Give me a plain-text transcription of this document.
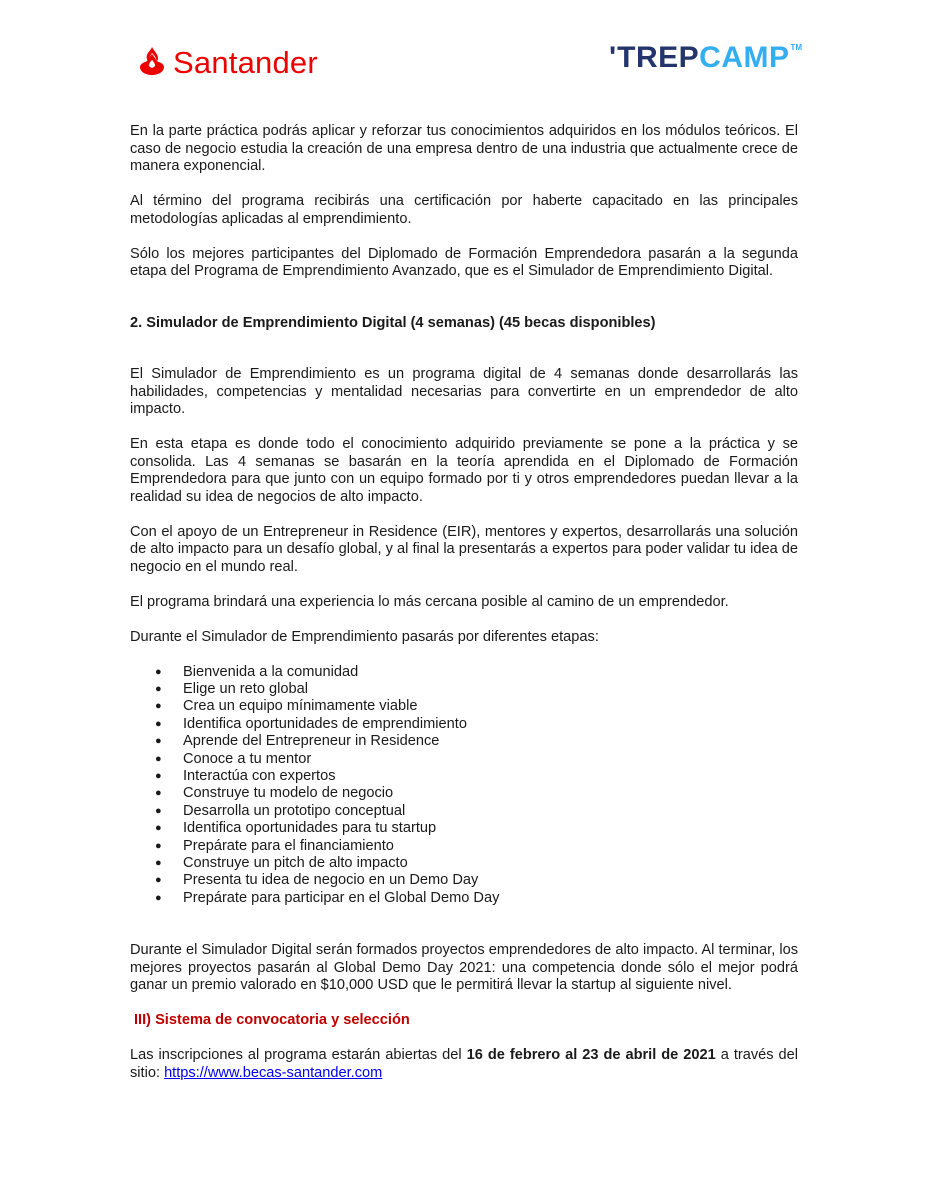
Santander	' TREP CAMP TM

En la parte práctica podrás aplicar y reforzar tus conocimientos adquiridos en los módulos teóricos. El caso de negocio estudia la creación de una empresa dentro de una industria que actualmente crece de manera exponencial.

Al término del programa recibirás una certificación por haberte capacitado en las principales metodologías aplicadas al emprendimiento.

Sólo los mejores participantes del Diplomado de Formación Emprendedora pasarán a la segunda etapa del Programa de Emprendimiento Avanzado, que es el Simulador de Emprendimiento Digital.

2. Simulador de Emprendimiento Digital (4 semanas) (45 becas disponibles)

El Simulador de Emprendimiento es un programa digital de 4 semanas donde desarrollarás las habilidades, competencias y mentalidad necesarias para convertirte en un emprendedor de alto impacto.

En esta etapa es donde todo el conocimiento adquirido previamente se pone a la práctica y se consolida. Las 4 semanas se basarán en la teoría aprendida en el Diplomado de Formación Emprendedora para que junto con un equipo formado por ti y otros emprendedores puedan llevar a la realidad su idea de negocios de alto impacto.

Con el apoyo de un Entrepreneur in Residence (EIR), mentores y expertos, desarrollarás una solución de alto impacto para un desafío global, y al final la presentarás a expertos para poder validar tu idea de negocio en el mundo real.

El programa brindará una experiencia lo más cercana posible al camino de un emprendedor.

Durante el Simulador de Emprendimiento pasarás por diferentes etapas:

● Bienvenida a la comunidad
● Elige un reto global
● Crea un equipo mínimamente viable
● Identifica oportunidades de emprendimiento
● Aprende del Entrepreneur in Residence
● Conoce a tu mentor
● Interactúa con expertos
● Construye tu modelo de negocio
● Desarrolla un prototipo conceptual
● Identifica oportunidades para tu startup
● Prepárate para el financiamiento
● Construye un pitch de alto impacto
● Presenta tu idea de negocio en un Demo Day
● Prepárate para participar en el Global Demo Day

Durante el Simulador Digital serán formados proyectos emprendedores de alto impacto. Al terminar, los mejores proyectos pasarán al Global Demo Day 2021: una competencia donde sólo el mejor podrá ganar un premio valorado en $10,000 USD que le permitirá llevar la startup al siguiente nivel.

III) Sistema de convocatoria y selección

Las inscripciones al programa estarán abiertas del 16 de febrero al 23 de abril de 2021 a través del sitio: https://www.becas-santander.com
